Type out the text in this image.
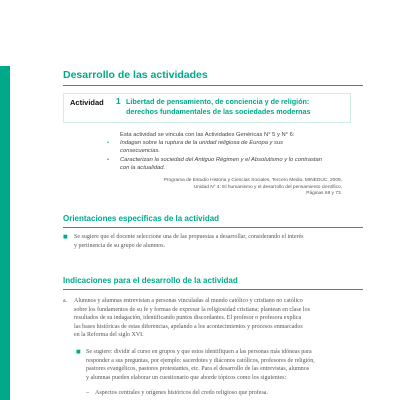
Desarrollo de las actividades
Actividad 1 Libertad de pensamiento, de conciencia y de religión:
derechos fundamentales de las sociedades modernas
Esta actividad se vincula con las Actividades Genéricas N° 5 y N° 6:
• Indagan sobre la ruptura de la unidad religiosa de Europa y sus
consecuencias.
• Caracterizan la sociedad del Antiguo Régimen y el Absolutismo y lo contrastan
con la actualidad.
Programa de Estudio Historia y Ciencias Sociales, Tercero Medio, MINEDUC, 2009,
Unidad N° 4: El humanismo y el desarrollo del pensamiento científico,
Páginas 68 y 73.
Orientaciones específicas de la actividad
■ Se sugiere que el docente seleccione una de las propuestas a desarrollar, considerando el interés
y pertinencia de su grupo de alumnos.
Indicaciones para el desarrollo de la actividad
a. Alumnos y alumnas entrevistan a personas vinculadas al mundo católico y cristiano no católico
sobre los fundamentos de su fe y formas de expresar la religiosidad cristiana; plantean en clase los
resultados de su indagación, identificando puntos discordantes. El profesor o profesora explica
las bases históricas de estas diferencias, apelando a los acontecimientos y procesos enmarcados
en la Reforma del siglo XVI.
■ Se sugiere: dividir al curso en grupos y que estos identifiquen a las personas más idóneas para
responder a sus preguntas, por ejemplo: sacerdotes y diáconos católicos, profesores de religión,
pastores evangélicos, pastores protestantes, etc. Para el desarrollo de las entrevistas, alumnos
y alumnas pueden elaborar un cuestionario que aborde tópicos como los siguientes:
–	Aspectos centrales y orígenes históricos del credo religioso que profesa.
